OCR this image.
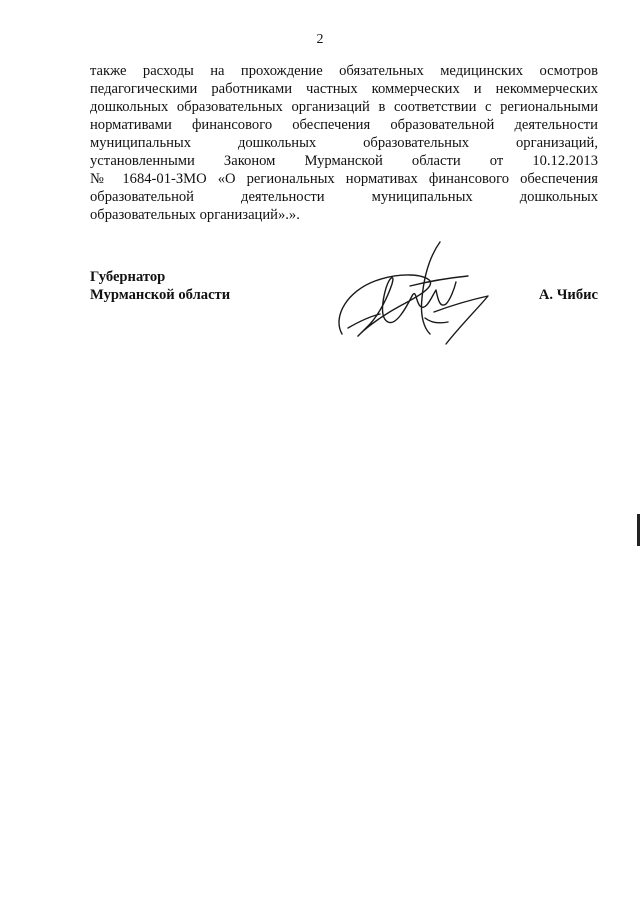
2
также расходы на прохождение обязательных медицинских осмотров
педагогическими работниками частных коммерческих и некоммерческих
дошкольных образовательных организаций в соответствии с региональными
нормативами финансового обеспечения образовательной деятельности
муниципальных дошкольных образовательных организаций,
установленными Законом Мурманской области от 10.12.2013
№ 1684-01-ЗМО «О региональных нормативах финансового обеспечения
образовательной деятельности муниципальных дошкольных
образовательных организаций».».
Губернатор
Мурманской области	А. Чибис
